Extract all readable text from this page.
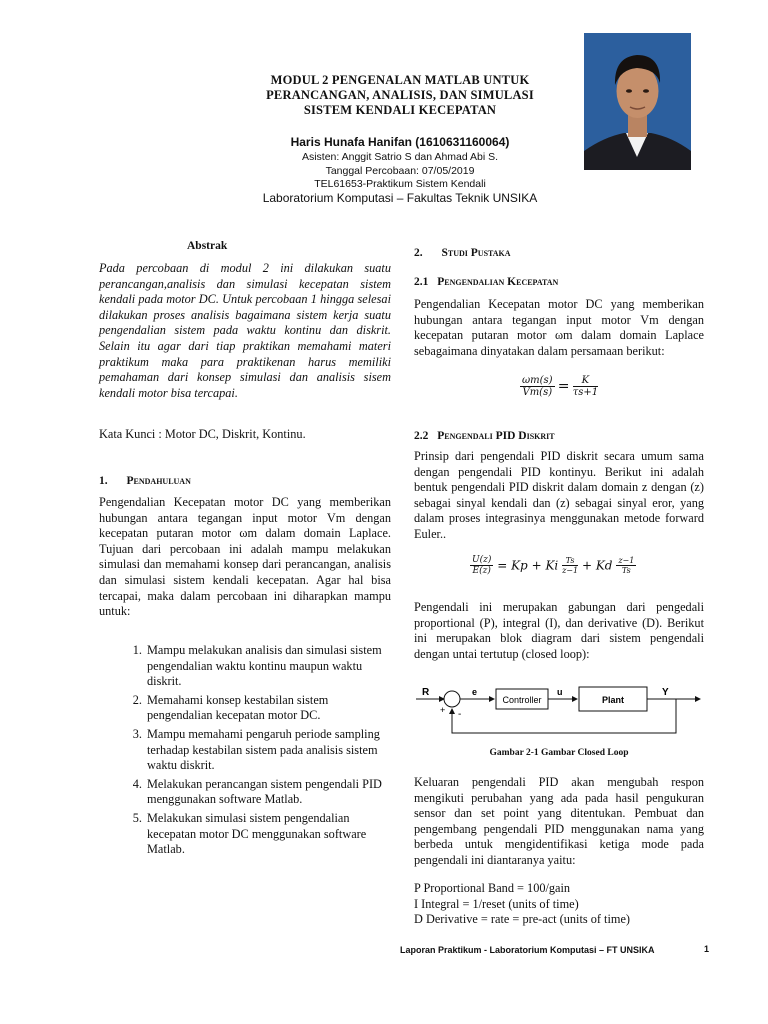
MODUL 2 PENGENALAN MATLAB UNTUK
PERANCANGAN, ANALISIS, DAN SIMULASI
SISTEM KENDALI KECEPATAN
Haris Hunafa Hanifan (1610631160064)
Asisten: Anggit Satrio S dan Ahmad Abi S.
Tanggal Percobaan: 07/05/2019
TEL61653-Praktikum Sistem Kendali
Laboratorium Komputasi – Fakultas Teknik UNSIKA
Abstrak
Pada percobaan di modul 2 ini dilakukan suatu perancangan,analisis dan simulasi kecepatan sistem kendali pada motor DC. Untuk percobaan 1 hingga selesai dilakukan proses analisis bagaimana sistem kerja suatu pengendalian sistem pada waktu kontinu dan diskrit. Selain itu agar dari tiap praktikan memahami materi praktikum maka para praktikenan harus memiliki pemahaman dari konsep simulasi dan analisis sisem kendali motor bisa tercapai.
Kata Kunci : Motor DC, Diskrit, Kontinu.
1. Pendahuluan
Pengendalian Kecepatan motor DC yang memberikan hubungan antara tegangan input motor Vm dengan kecepatan putaran motor ωm dalam domain Laplace. Tujuan dari percobaan ini adalah mampu melakukan simulasi dan memahami konsep dari perancangan, analisis dan simulasi sistem kendali kecepatan. Agar hal bisa tercapai, maka dalam percobaan ini diharapkan mampu untuk:
1. Mampu melakukan analisis dan simulasi sistem pengendalian waktu kontinu maupun waktu diskrit.
2. Memahami konsep kestabilan sistem pengendalian kecepatan motor DC.
3. Mampu memahami pengaruh periode sampling terhadap kestabilan sistem pada analisis sistem waktu diskrit.
4. Melakukan perancangan sistem pengendali PID menggunakan software Matlab.
5. Melakukan simulasi sistem pengendalian kecepatan motor DC menggunakan software Matlab.
2. Studi Pustaka
2.1 Pengendalian Kecepatan
Pengendalian Kecepatan motor DC yang memberikan hubungan antara tegangan input motor Vm dengan kecepatan putaran motor ωm dalam domain Laplace sebagaimana dinyatakan dalam persamaan berikut:
$\frac{\omega m(s)}{Vm(s)} = \frac{K}{\tau s+1}$
2.2 Pengendali PID Diskrit
Prinsip dari pengendali PID diskrit secara umum sama dengan pengendali PID kontinyu. Berikut ini adalah bentuk pengendali PID diskrit dalam domain z dengan (z) sebagai sinyal kendali dan (z) sebagai sinyal eror, yang dalam proses integrasinya menggunakan metode forward Euler..
$\frac{U(z)}{E(z)} = Kp + Ki \frac{Ts}{z-1} + Kd \frac{z-1}{Ts}$
Pengendali ini merupakan gabungan dari pengedali proportional (P), integral (I), dan derivative (D). Berikut ini merupakan blok diagram dari sistem pengendali dengan untai tertutup (closed loop):
R
+ -
e
Controller
u
Plant
Y
Gambar 2-1 Gambar Closed Loop
Keluaran pengendali PID akan mengubah respon mengikuti perubahan yang ada pada hasil pengukuran sensor dan set point yang ditentukan. Pembuat dan pengembang pengendali PID menggunakan nama yang berbeda untuk mengidentifikasi ketiga mode pada pengendali ini diantaranya yaitu:
P Proportional Band = 100/gain
I Integral = 1/reset (units of time)
D Derivative = rate = pre-act (units of time)
Laporan Praktikum - Laboratorium Komputasi – FT UNSIKA	1
